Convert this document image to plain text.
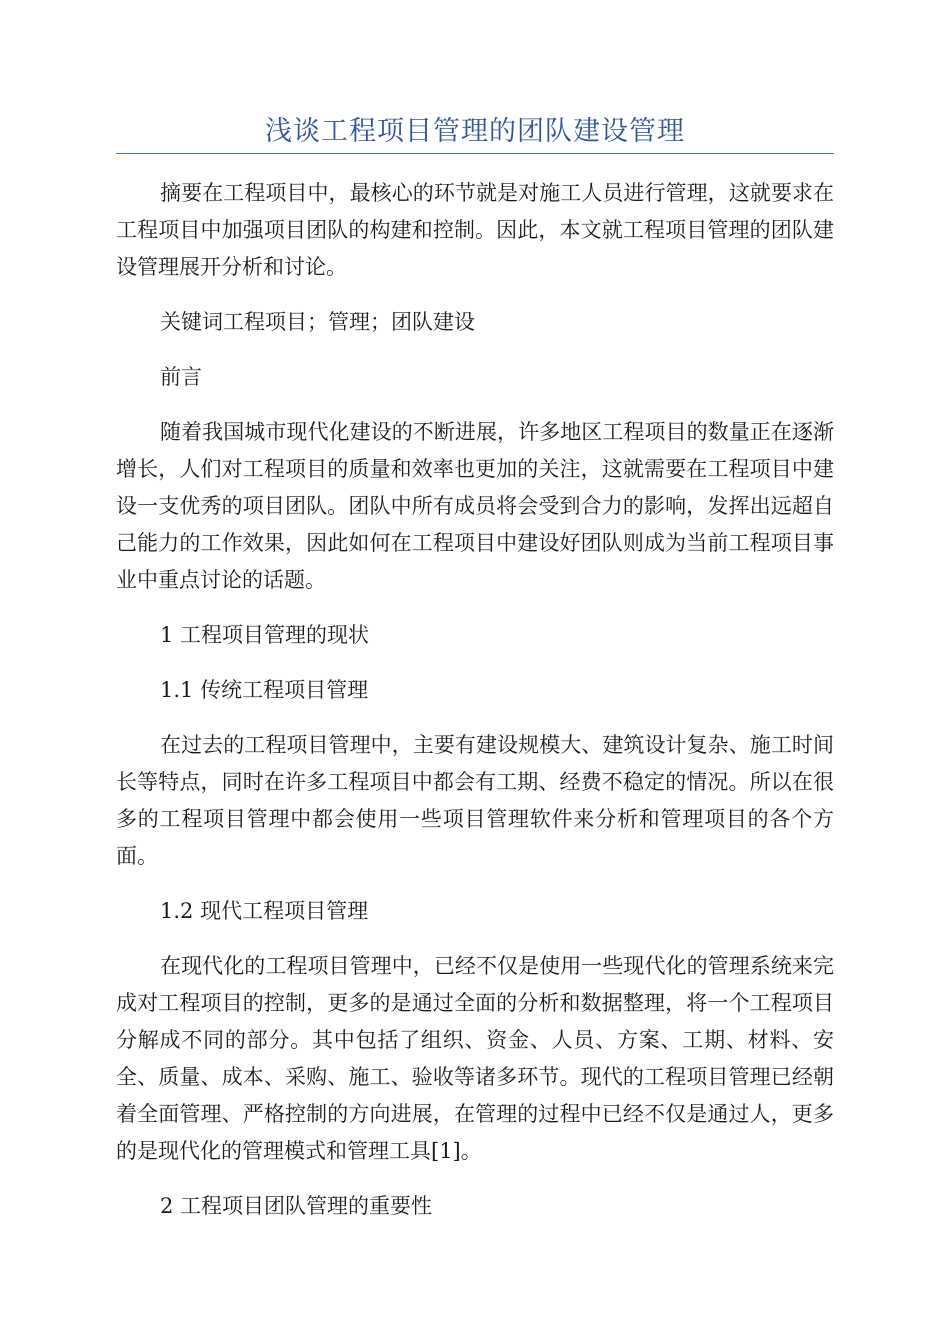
浅谈工程项目管理的团队建设管理

摘要在工程项目中，最核心的环节就是对施工人员进行管理，这就要求在工程项目中加强项目团队的构建和控制。因此，本文就工程项目管理的团队建设管理展开分析和讨论。

关键词工程项目；管理；团队建设

前言

随着我国城市现代化建设的不断进展，许多地区工程项目的数量正在逐渐增长，人们对工程项目的质量和效率也更加的关注，这就需要在工程项目中建设一支优秀的项目团队。团队中所有成员将会受到合力的影响，发挥出远超自己能力的工作效果，因此如何在工程项目中建设好团队则成为当前工程项目事业中重点讨论的话题。

1 工程项目管理的现状

1.1 传统工程项目管理

在过去的工程项目管理中，主要有建设规模大、建筑设计复杂、施工时间长等特点，同时在许多工程项目中都会有工期、经费不稳定的情况。所以在很多的工程项目管理中都会使用一些项目管理软件来分析和管理项目的各个方面。

1.2 现代工程项目管理

在现代化的工程项目管理中，已经不仅是使用一些现代化的管理系统来完成对工程项目的控制，更多的是通过全面的分析和数据整理，将一个工程项目分解成不同的部分。其中包括了组织、资金、人员、方案、工期、材料、安全、质量、成本、采购、施工、验收等诸多环节。现代的工程项目管理已经朝着全面管理、严格控制的方向进展，在管理的过程中已经不仅是通过人，更多的是现代化的管理模式和管理工具[1]。

2 工程项目团队管理的重要性
